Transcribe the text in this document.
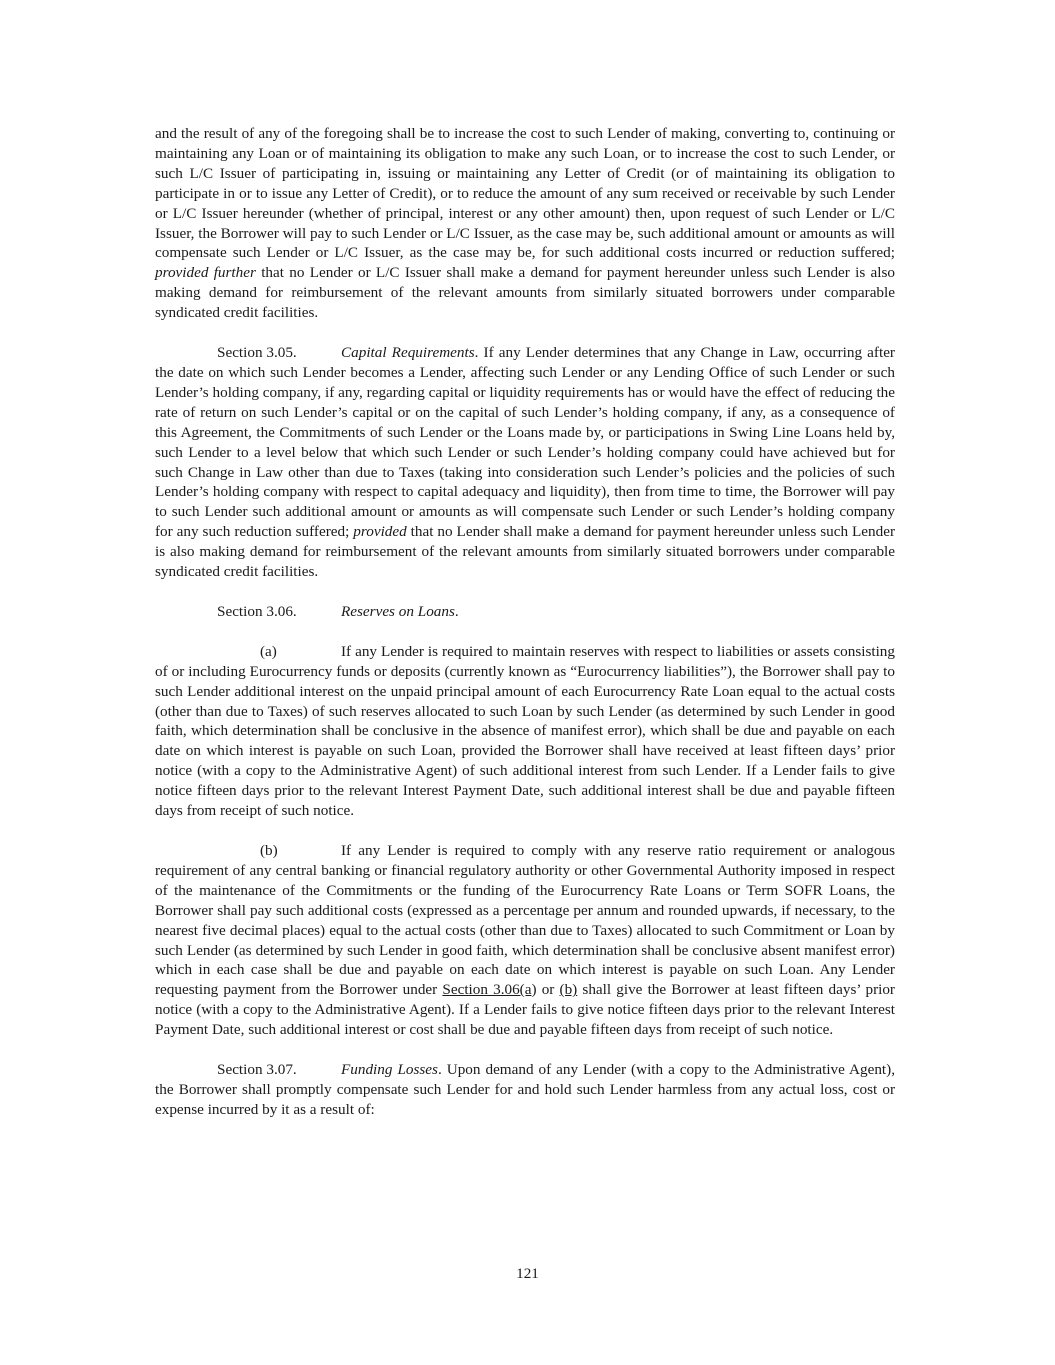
and the result of any of the foregoing shall be to increase the cost to such Lender of making, converting to, continuing or maintaining any Loan or of maintaining its obligation to make any such Loan, or to increase the cost to such Lender, or such L/C Issuer of participating in, issuing or maintaining any Letter of Credit (or of maintaining its obligation to participate in or to issue any Letter of Credit), or to reduce the amount of any sum received or receivable by such Lender or L/C Issuer hereunder (whether of principal, interest or any other amount) then, upon request of such Lender or L/C Issuer, the Borrower will pay to such Lender or L/C Issuer, as the case may be, such additional amount or amounts as will compensate such Lender or L/C Issuer, as the case may be, for such additional costs incurred or reduction suffered; provided further that no Lender or L/C Issuer shall make a demand for payment hereunder unless such Lender is also making demand for reimbursement of the relevant amounts from similarly situated borrowers under comparable syndicated credit facilities.

Section 3.05.	Capital Requirements. If any Lender determines that any Change in Law, occurring after the date on which such Lender becomes a Lender, affecting such Lender or any Lending Office of such Lender or such Lender’s holding company, if any, regarding capital or liquidity requirements has or would have the effect of reducing the rate of return on such Lender’s capital or on the capital of such Lender’s holding company, if any, as a consequence of this Agreement, the Commitments of such Lender or the Loans made by, or participations in Swing Line Loans held by, such Lender to a level below that which such Lender or such Lender’s holding company could have achieved but for such Change in Law other than due to Taxes (taking into consideration such Lender’s policies and the policies of such Lender’s holding company with respect to capital adequacy and liquidity), then from time to time, the Borrower will pay to such Lender such additional amount or amounts as will compensate such Lender or such Lender’s holding company for any such reduction suffered; provided that no Lender shall make a demand for payment hereunder unless such Lender is also making demand for reimbursement of the relevant amounts from similarly situated borrowers under comparable syndicated credit facilities.

Section 3.06.	Reserves on Loans.

(a)	If any Lender is required to maintain reserves with respect to liabilities or assets consisting of or including Eurocurrency funds or deposits (currently known as “Eurocurrency liabilities”), the Borrower shall pay to such Lender additional interest on the unpaid principal amount of each Eurocurrency Rate Loan equal to the actual costs (other than due to Taxes) of such reserves allocated to such Loan by such Lender (as determined by such Lender in good faith, which determination shall be conclusive in the absence of manifest error), which shall be due and payable on each date on which interest is payable on such Loan, provided the Borrower shall have received at least fifteen days’ prior notice (with a copy to the Administrative Agent) of such additional interest from such Lender. If a Lender fails to give notice fifteen days prior to the relevant Interest Payment Date, such additional interest shall be due and payable fifteen days from receipt of such notice.

(b)	If any Lender is required to comply with any reserve ratio requirement or analogous requirement of any central banking or financial regulatory authority or other Governmental Authority imposed in respect of the maintenance of the Commitments or the funding of the Eurocurrency Rate Loans or Term SOFR Loans, the Borrower shall pay such additional costs (expressed as a percentage per annum and rounded upwards, if necessary, to the nearest five decimal places) equal to the actual costs (other than due to Taxes) allocated to such Commitment or Loan by such Lender (as determined by such Lender in good faith, which determination shall be conclusive absent manifest error) which in each case shall be due and payable on each date on which interest is payable on such Loan. Any Lender requesting payment from the Borrower under Section 3.06(a) or (b) shall give the Borrower at least fifteen days’ prior notice (with a copy to the Administrative Agent). If a Lender fails to give notice fifteen days prior to the relevant Interest Payment Date, such additional interest or cost shall be due and payable fifteen days from receipt of such notice.

Section 3.07.	Funding Losses. Upon demand of any Lender (with a copy to the Administrative Agent), the Borrower shall promptly compensate such Lender for and hold such Lender harmless from any actual loss, cost or expense incurred by it as a result of:

121
